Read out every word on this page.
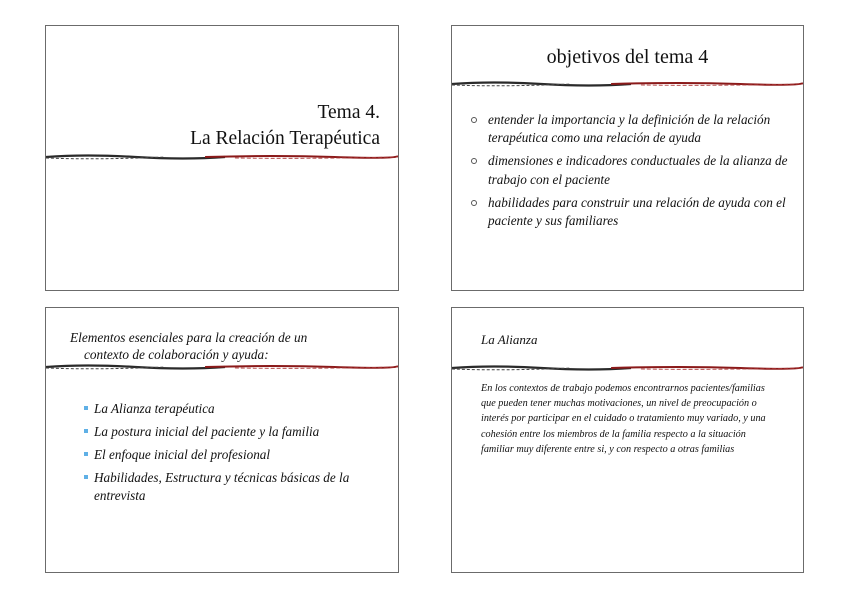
Tema 4.
La Relación Terapéutica
objetivos del tema 4
entender la importancia y la definición de la relación terapéutica como una relación de ayuda
dimensiones e indicadores conductuales de la alianza de trabajo con el paciente
habilidades para construir una relación de ayuda con el paciente y sus familiares
Elementos esenciales para la creación de un
contexto de colaboración y ayuda:
La Alianza terapéutica
La postura inicial del paciente y la familia
El enfoque inicial del profesional
Habilidades, Estructura y técnicas básicas de la entrevista
La Alianza
En los contextos de trabajo podemos encontrarnos pacientes/familias que pueden tener muchas motivaciones, un nivel de preocupación o interés por participar en el cuidado o tratamiento muy variado, y una cohesión entre los miembros de la familia respecto a la situación familiar muy diferente entre si, y con respecto a otras familias
